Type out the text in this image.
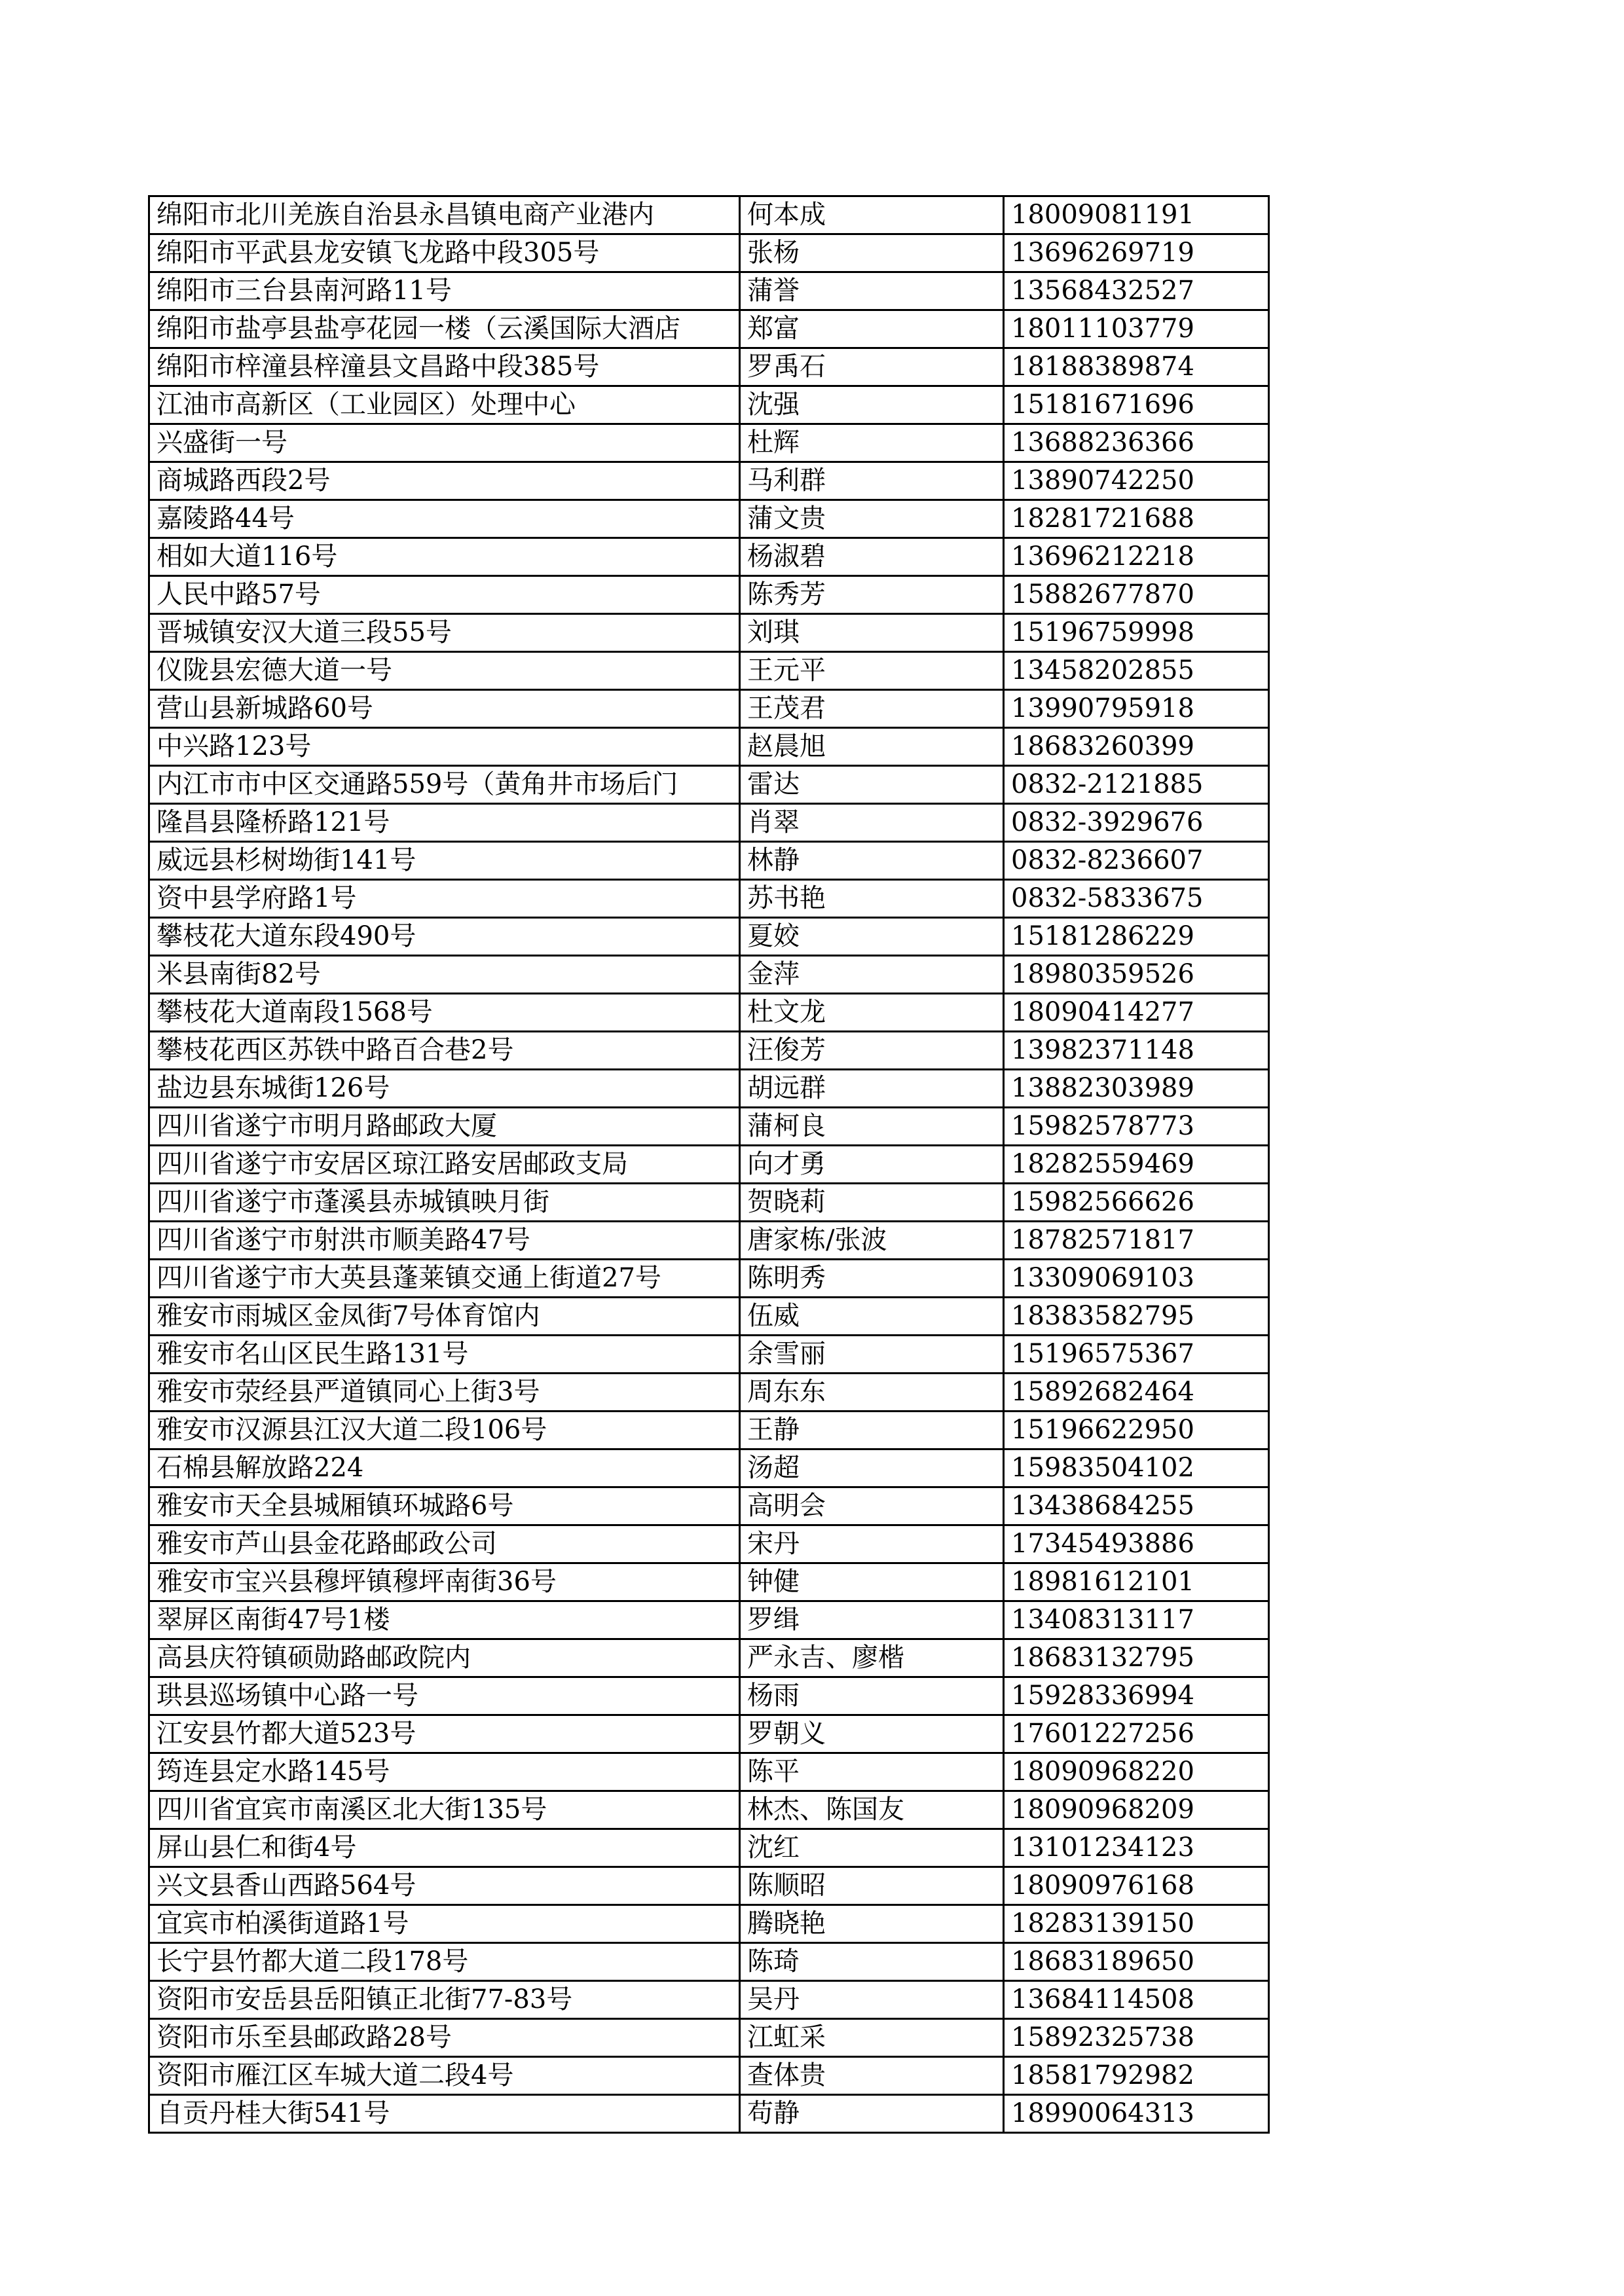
绵阳市北川羌族自治县永昌镇电商产业港内	何本成	18009081191
绵阳市平武县龙安镇飞龙路中段305号	张杨	13696269719
绵阳市三台县南河路11号	蒲誉	13568432527
绵阳市盐亭县盐亭花园一楼（云溪国际大酒店	郑富	18011103779
绵阳市梓潼县梓潼县文昌路中段385号	罗禹石	18188389874
江油市高新区（工业园区）处理中心	沈强	15181671696
兴盛街一号	杜辉	13688236366
商城路西段2号	马利群	13890742250
嘉陵路44号	蒲文贵	18281721688
相如大道116号	杨淑碧	13696212218
人民中路57号	陈秀芳	15882677870
晋城镇安汉大道三段55号	刘琪	15196759998
仪陇县宏德大道一号	王元平	13458202855
营山县新城路60号	王茂君	13990795918
中兴路123号	赵晨旭	18683260399
内江市市中区交通路559号（黄角井市场后门	雷达	0832-2121885
隆昌县隆桥路121号	肖翠	0832-3929676
威远县杉树坳街141号	林静	0832-8236607
资中县学府路1号	苏书艳	0832-5833675
攀枝花大道东段490号	夏姣	15181286229
米县南街82号	金萍	18980359526
攀枝花大道南段1568号	杜文龙	18090414277
攀枝花西区苏铁中路百合巷2号	汪俊芳	13982371148
盐边县东城街126号	胡远群	13882303989
四川省遂宁市明月路邮政大厦	蒲柯良	15982578773
四川省遂宁市安居区琼江路安居邮政支局	向才勇	18282559469
四川省遂宁市蓬溪县赤城镇映月街	贺晓莉	15982566626
四川省遂宁市射洪市顺美路47号	唐家栋/张波	18782571817
四川省遂宁市大英县蓬莱镇交通上街道27号	陈明秀	13309069103
雅安市雨城区金凤街7号体育馆内	伍威	18383582795
雅安市名山区民生路131号	余雪丽	15196575367
雅安市荥经县严道镇同心上街3号	周东东	15892682464
雅安市汉源县江汉大道二段106号	王静	15196622950
石棉县解放路224	汤超	15983504102
雅安市天全县城厢镇环城路6号	高明会	13438684255
雅安市芦山县金花路邮政公司	宋丹	17345493886
雅安市宝兴县穆坪镇穆坪南街36号	钟健	18981612101
翠屏区南街47号1楼	罗缉	13408313117
高县庆符镇硕勋路邮政院内	严永吉、廖楷	18683132795
珙县巡场镇中心路一号	杨雨	15928336994
江安县竹都大道523号	罗朝义	17601227256
筠连县定水路145号	陈平	18090968220
四川省宜宾市南溪区北大街135号	林杰、陈国友	18090968209
屏山县仁和街4号	沈红	13101234123
兴文县香山西路564号	陈顺昭	18090976168
宜宾市柏溪街道路1号	腾晓艳	18283139150
长宁县竹都大道二段178号	陈琦	18683189650
资阳市安岳县岳阳镇正北街77-83号	吴丹	13684114508
资阳市乐至县邮政路28号	江虹采	15892325738
资阳市雁江区车城大道二段4号	查体贵	18581792982
自贡丹桂大街541号	苟静	18990064313
